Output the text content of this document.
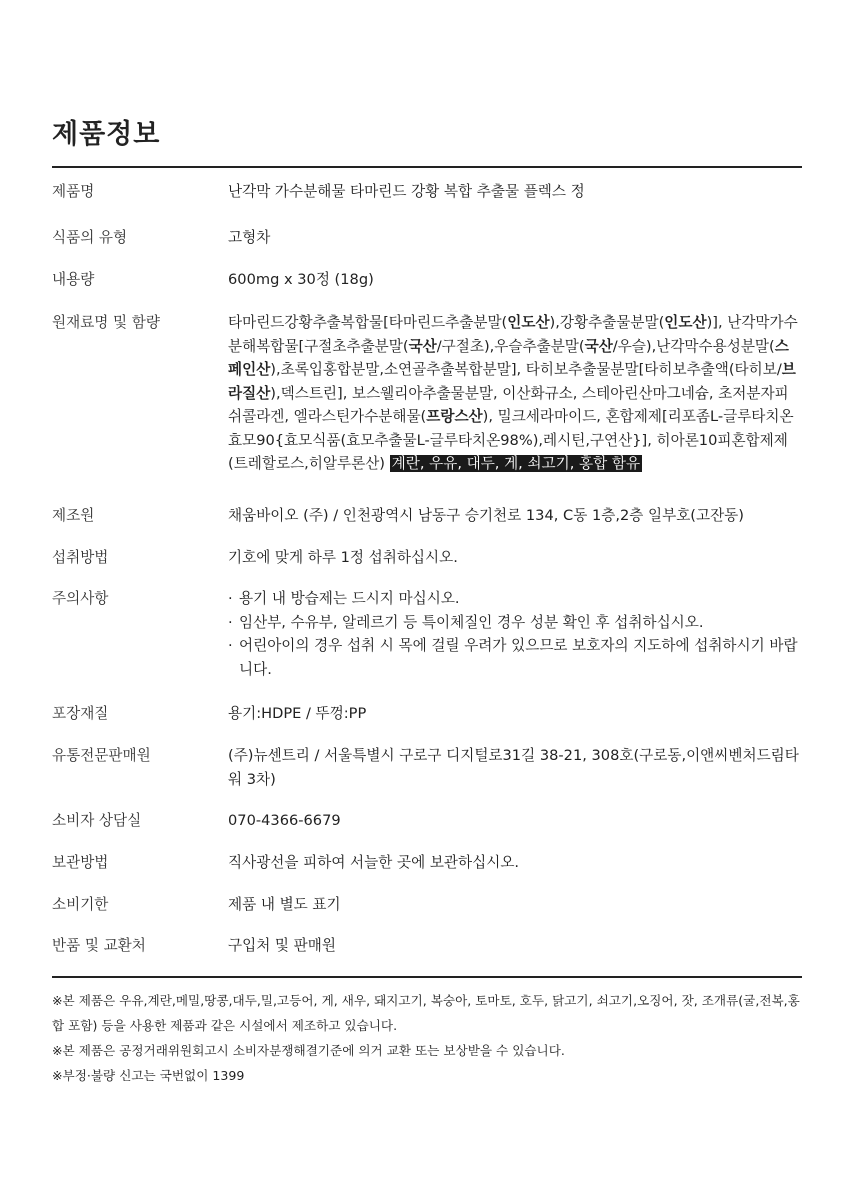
제품정보
제품명	난각막 가수분해물 타마린드 강황 복합 추출물 플렉스 정
식품의 유형	고형차
내용량	600mg x 30정 (18g)
원재료명 및 함량	타마린드강황추출복합물[타마린드추출분말(인도산),강황추출물분말(인도산)], 난각막가수분해복합물[구절초추출분말(국산/구절초),우슬추출분말(국산/우슬),난각막수용성분말(스페인산),초록입홍합분말,소연골추출복합분말], 타히보추출물분말[타히보추출액(타히보/브라질산),덱스트린], 보스웰리아추출물분말, 이산화규소, 스테아린산마그네슘, 초저분자피쉬콜라겐, 엘라스틴가수분해물(프랑스산), 밀크세라마이드, 혼합제제[리포좀L-글루타치온효모90{효모식품(효모추출물L-글루타치온98%),레시틴,구연산}], 히아론10피혼합제제(트레할로스,히알루론산) 계란, 우유, 대두, 게, 쇠고기, 홍합 함유
제조원	채움바이오 (주) / 인천광역시 남동구 승기천로 134, C동 1층,2층 일부호(고잔동)
섭취방법	기호에 맞게 하루 1정 섭취하십시오.
주의사항
·	용기 내 방습제는 드시지 마십시오.
· 임산부, 수유부, 알레르기 등 특이체질인 경우 성분 확인 후 섭취하십시오.
· 어린아이의 경우 섭취 시 목에 걸릴 우려가 있으므로 보호자의 지도하에 섭취하시기 바랍니다.
포장재질	용기:HDPE / 뚜껑:PP
유통전문판매원	(주)뉴센트리 / 서울특별시 구로구 디지털로31길 38-21, 308호(구로동,이앤씨벤처드림타워 3차)
소비자 상담실	070-4366-6679
보관방법	직사광선을 피하여 서늘한 곳에 보관하십시오.
소비기한	제품 내 별도 표기
반품 및 교환처	구입처 및 판매원

※본 제품은 우유,계란,메밀,땅콩,대두,밀,고등어, 게, 새우, 돼지고기, 복숭아, 토마토, 호두, 닭고기, 쇠고기,오징어, 잣, 조개류(굴,전복,홍합 포함) 등을 사용한 제품과 같은 시설에서 제조하고 있습니다.

※본 제품은 공정거래위원회고시 소비자분쟁해결기준에 의거 교환 또는 보상받을 수 있습니다.

※부정·불량 신고는 국번없이 1399
